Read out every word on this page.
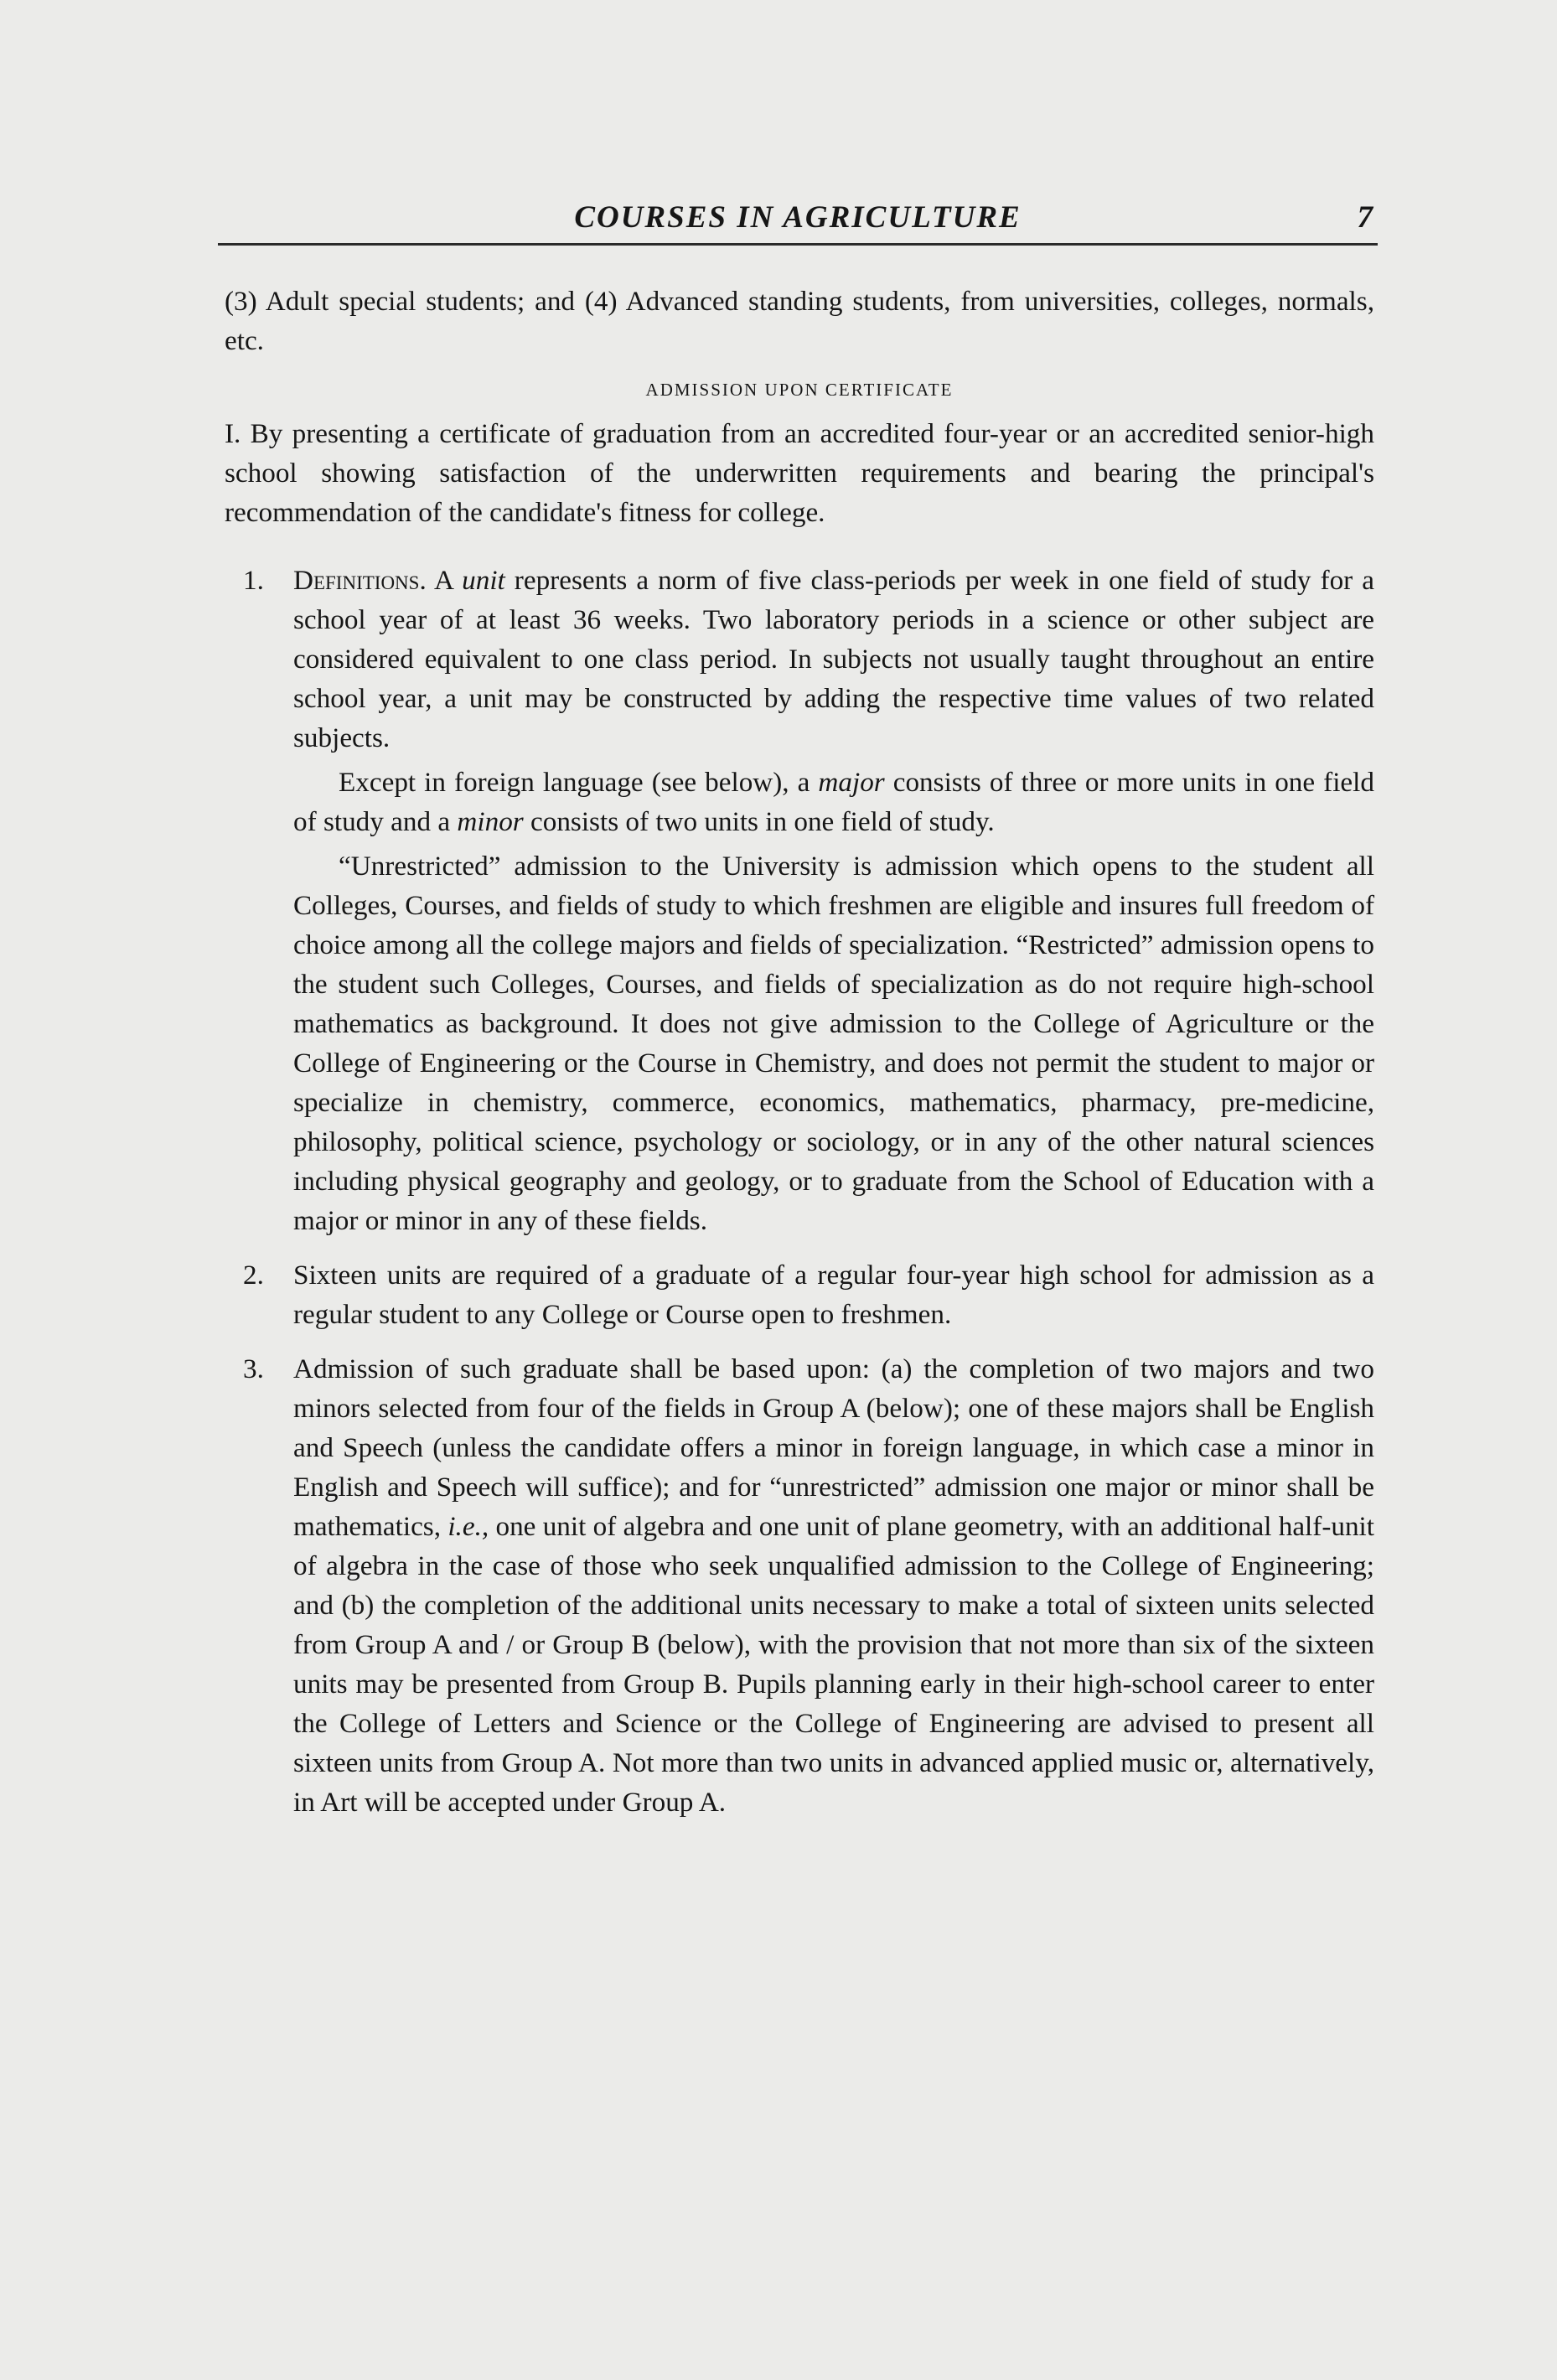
COURSES IN AGRICULTURE	7

(3) Adult special students; and (4) Advanced standing students, from universities, colleges, normals, etc.

ADMISSION UPON CERTIFICATE

I. By presenting a certificate of graduation from an accredited four-year or an accredited senior-high school showing satisfaction of the underwritten requirements and bearing the principal's recommendation of the candidate's fitness for college.

1. Definitions. A unit represents a norm of five class-periods per week in one field of study for a school year of at least 36 weeks. Two laboratory periods in a science or other subject are considered equivalent to one class period. In subjects not usually taught throughout an entire school year, a unit may be constructed by adding the respective time values of two related subjects.

Except in foreign language (see below), a major consists of three or more units in one field of study and a minor consists of two units in one field of study.

“Unrestricted” admission to the University is admission which opens to the student all Colleges, Courses, and fields of study to which freshmen are eligible and insures full freedom of choice among all the college majors and fields of specialization. “Restricted” admission opens to the student such Colleges, Courses, and fields of specialization as do not require high-school mathematics as background. It does not give admission to the College of Agriculture or the College of Engineering or the Course in Chemistry, and does not permit the student to major or specialize in chemistry, commerce, economics, mathematics, pharmacy, pre-medicine, philosophy, political science, psychology or sociology, or in any of the other natural sciences including physical geography and geology, or to graduate from the School of Education with a major or minor in any of these fields.

2. Sixteen units are required of a graduate of a regular four-year high school for admission as a regular student to any College or Course open to freshmen.

3. Admission of such graduate shall be based upon: (a) the completion of two majors and two minors selected from four of the fields in Group A (below); one of these majors shall be English and Speech (unless the candidate offers a minor in foreign language, in which case a minor in English and Speech will suffice); and for “unrestricted” admission one major or minor shall be mathematics, i.e., one unit of algebra and one unit of plane geometry, with an additional half-unit of algebra in the case of those who seek unqualified admission to the College of Engineering; and (b) the completion of the additional units necessary to make a total of sixteen units selected from Group A and / or Group B (below), with the provision that not more than six of the sixteen units may be presented from Group B. Pupils planning early in their high-school career to enter the College of Letters and Science or the College of Engineering are advised to present all sixteen units from Group A. Not more than two units in advanced applied music or, alternatively, in Art will be accepted under Group A.
